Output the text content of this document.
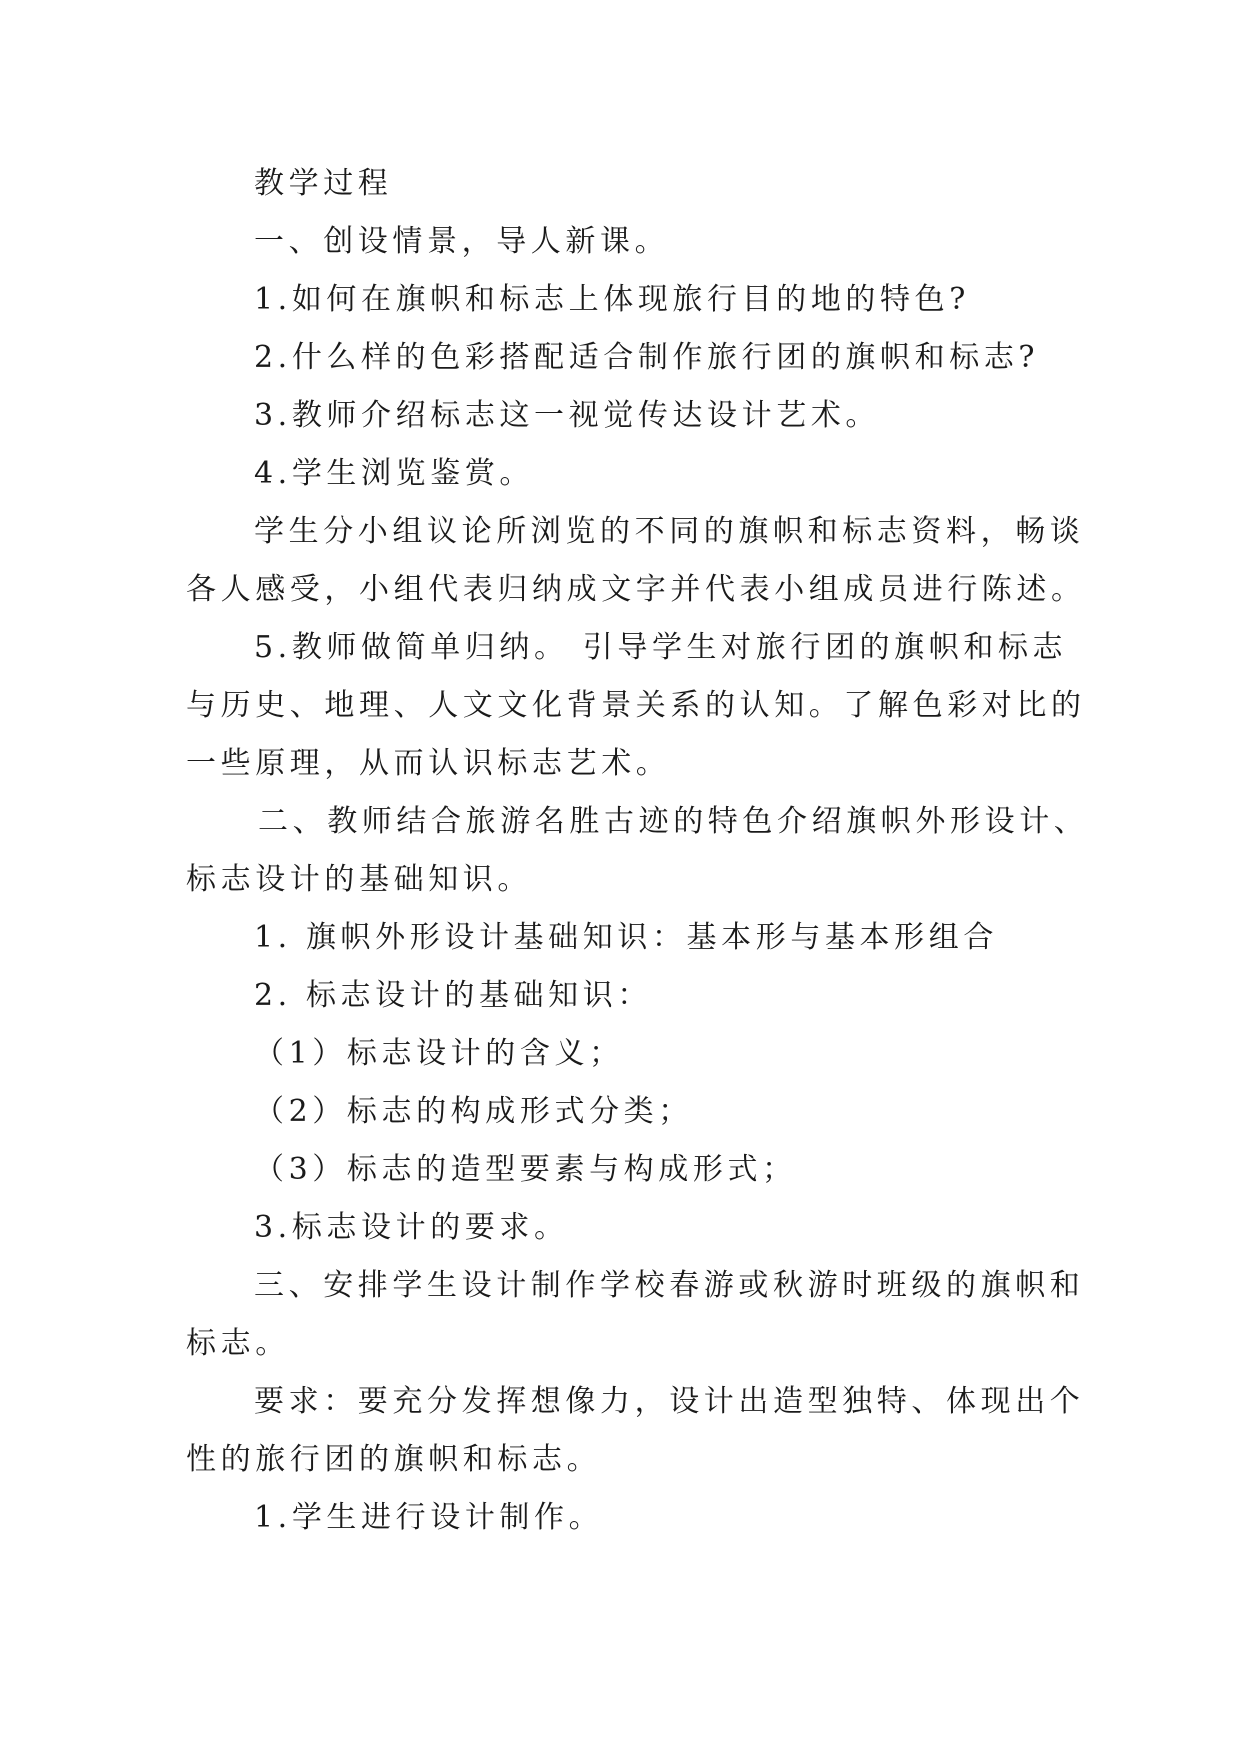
教学过程
一、创设情景，导人新课。
1.如何在旗帜和标志上体现旅行目的地的特色?
2.什么样的色彩搭配适合制作旅行团的旗帜和标志?
3.教师介绍标志这一视觉传达设计艺术。
4.学生浏览鉴赏。
学生分小组议论所浏览的不同的旗帜和标志资料，畅谈
各人感受，小组代表归纳成文字并代表小组成员进行陈述。
5.教师做简单归纳。 引导学生对旅行团的旗帜和标志
与历史、地理、人文文化背景关系的认知。了解色彩对比的
一些原理，从而认识标志艺术。
二、教师结合旅游名胜古迹的特色介绍旗帜外形设计、
标志设计的基础知识。
1. 旗帜外形设计基础知识：基本形与基本形组合
2. 标志设计的基础知识：
（1）标志设计的含义；
（2）标志的构成形式分类；
（3）标志的造型要素与构成形式；
3.标志设计的要求。
三、安排学生设计制作学校春游或秋游时班级的旗帜和
标志。
要求：要充分发挥想像力，设计出造型独特、体现出个
性的旅行团的旗帜和标志。
1.学生进行设计制作。
